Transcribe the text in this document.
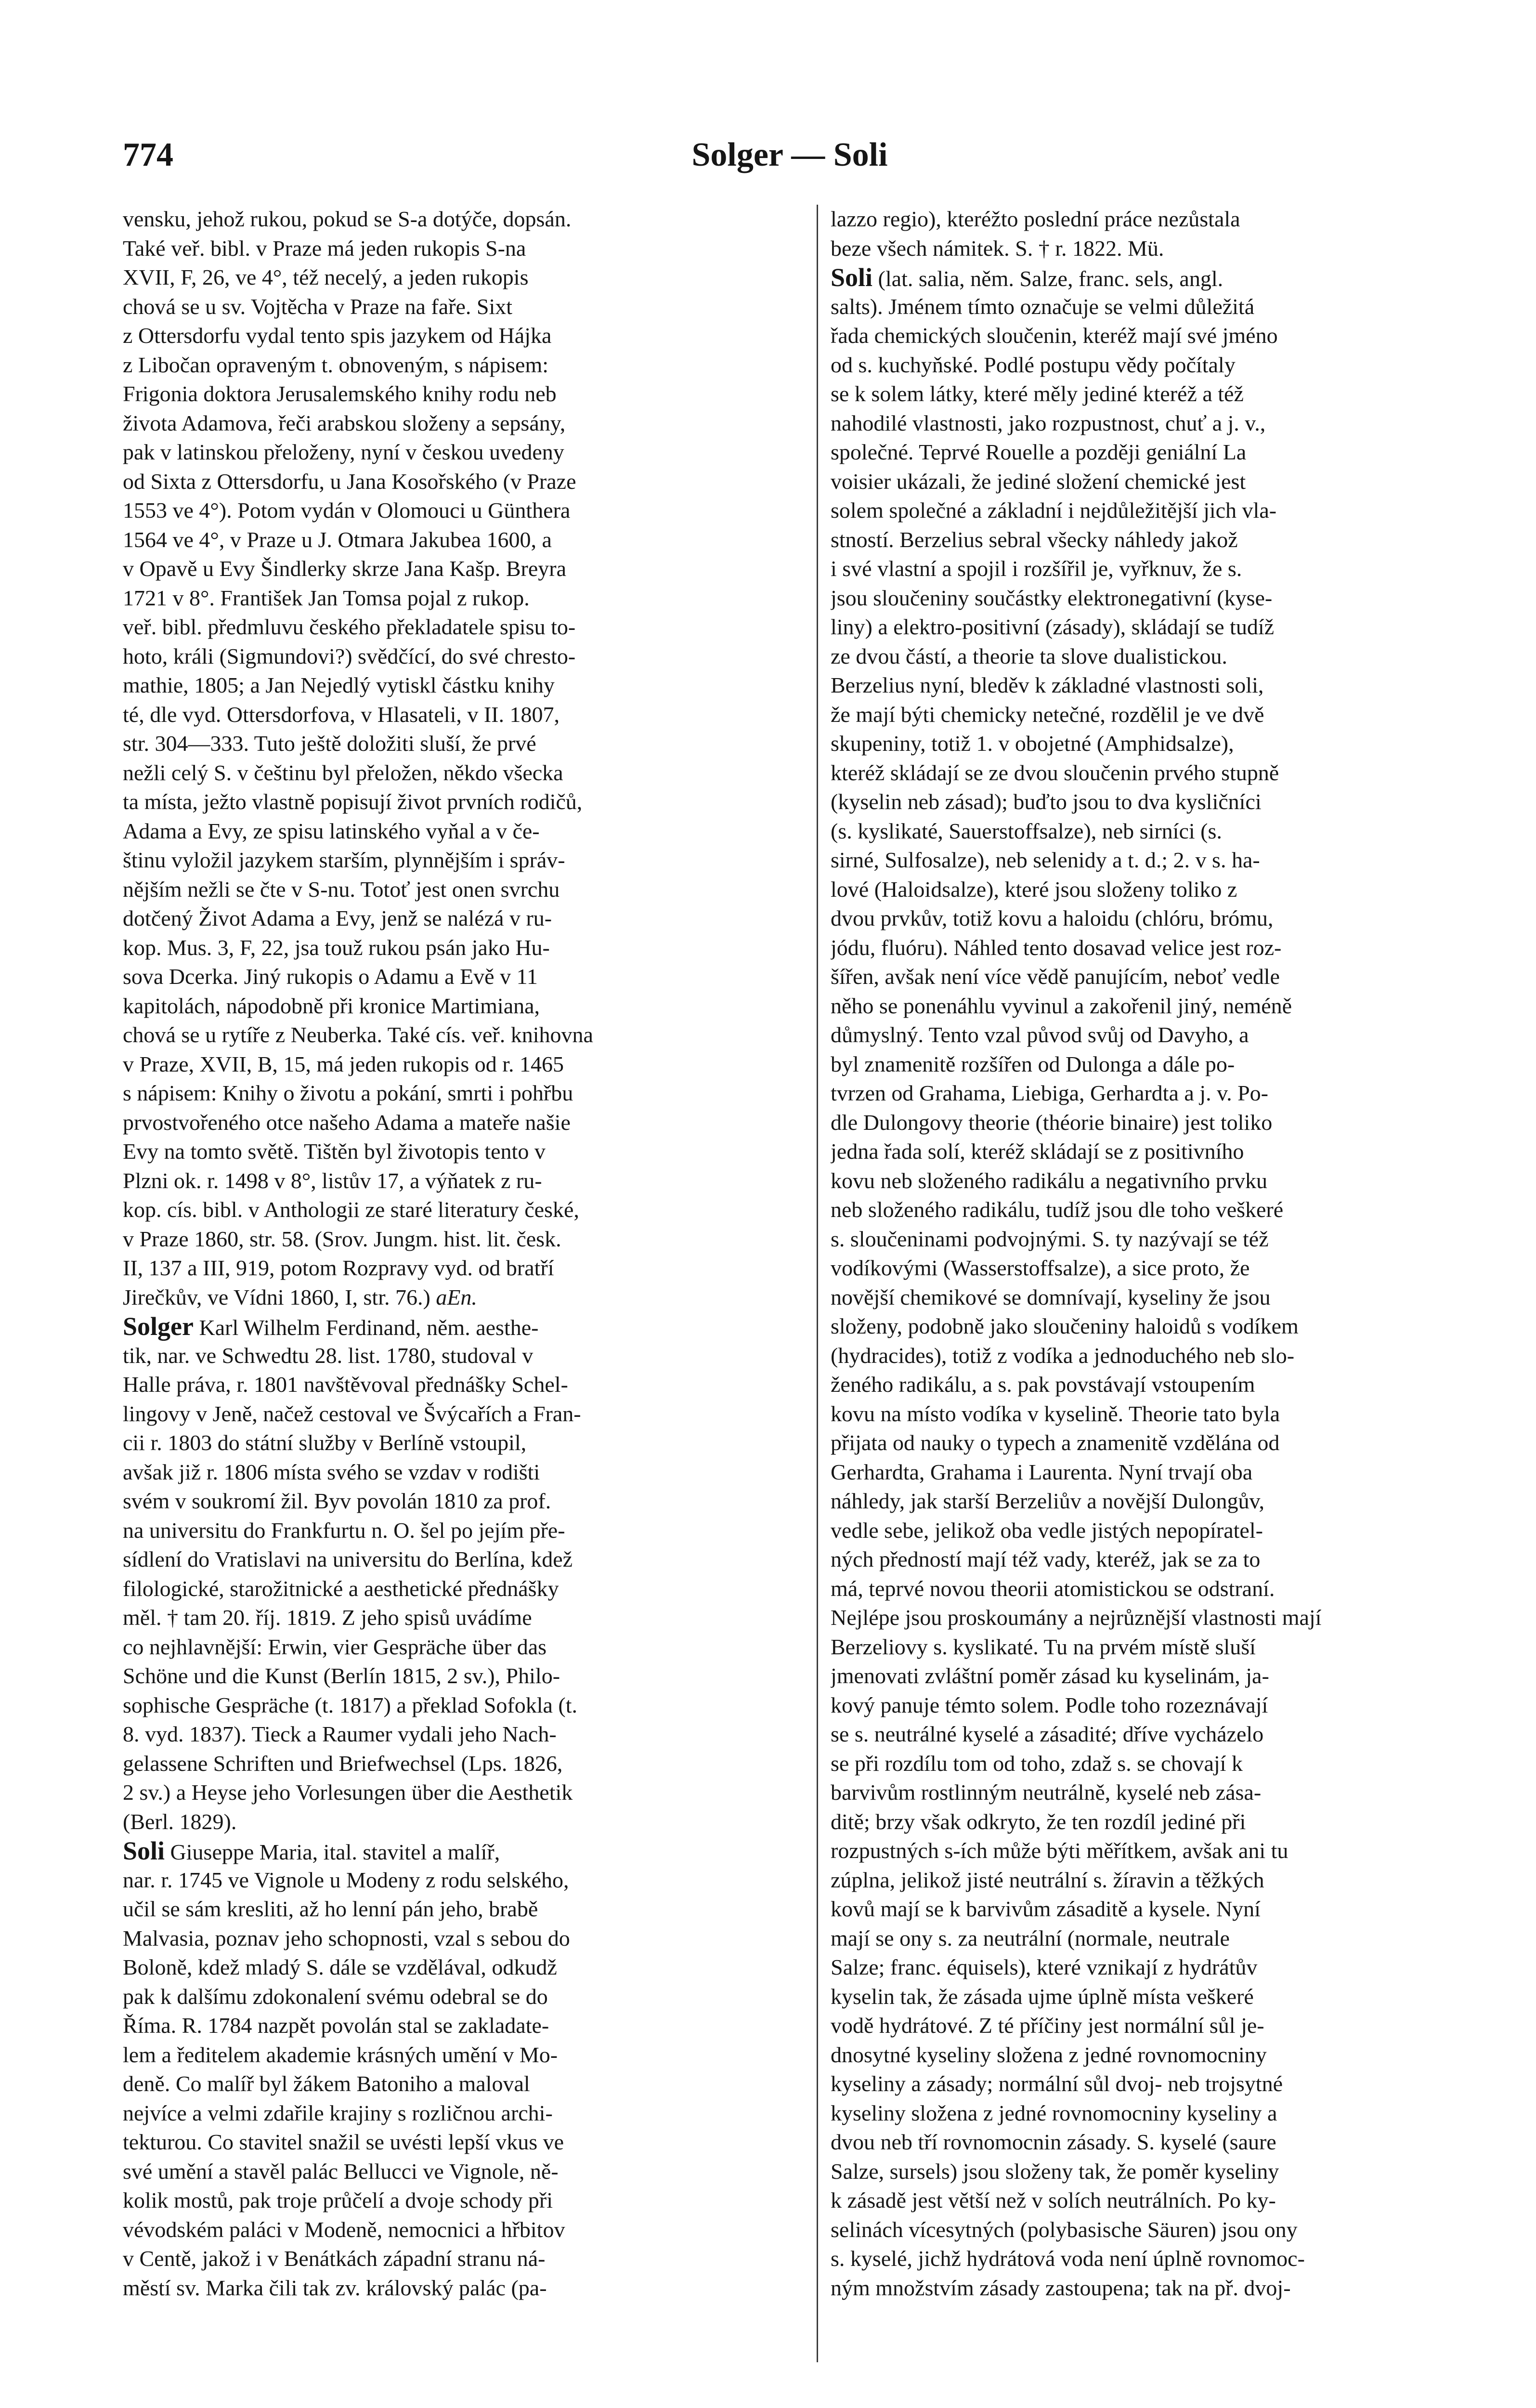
774	Solger — Soli
vensku, jehož rukou, pokud se S-a dotýče, dopsán.
Také veř. bibl. v Praze má jeden rukopis S-na
XVII, F, 26, ve 4°, též necelý, a jeden rukopis
chová se u sv. Vojtěcha v Praze na faře. Sixt
z Ottersdorfu vydal tento spis jazykem od Hájka
z Libočan opraveným t. obnoveným, s nápisem:
Frigonia doktora Jerusalemského knihy rodu neb
života Adamova, řeči arabskou složeny a sepsány,
pak v latinskou přeloženy, nyní v českou uvedeny
od Sixta z Ottersdorfu, u Jana Kosořského (v Praze
1553 ve 4°). Potom vydán v Olomouci u Günthera
1564 ve 4°, v Praze u J. Otmara Jakubea 1600, a
v Opavě u Evy Šindlerky skrze Jana Kašp. Breyra
1721 v 8°. František Jan Tomsa pojal z rukop.
veř. bibl. předmluvu českého překladatele spisu to-
hoto, králi (Sigmundovi?) svědčící, do své chresto-
mathie, 1805; a Jan Nejedlý vytiskl částku knihy
té, dle vyd. Ottersdorfova, v Hlasateli, v II. 1807,
str. 304—333. Tuto ještě doložiti sluší, že prvé
nežli celý S. v češtinu byl přeložen, někdo všecka
ta místa, ježto vlastně popisují život prvních rodičů,
Adama a Evy, ze spisu latinského vyňal a v če-
štinu vyložil jazykem starším, plynnějším i správ-
nějším nežli se čte v S-nu. Totoť jest onen svrchu
dotčený Život Adama a Evy, jenž se nalézá v ru-
kop. Mus. 3, F, 22, jsa touž rukou psán jako Hu-
sova Dcerka. Jiný rukopis o Adamu a Evě v 11
kapitolách, nápodobně při kronice Martimiana,
chová se u rytíře z Neuberka. Také cís. veř. knihovna
v Praze, XVII, B, 15, má jeden rukopis od r. 1465
s nápisem: Knihy o životu a pokání, smrti i pohřbu
prvostvořeného otce našeho Adama a mateře našie
Evy na tomto světě. Tištěn byl životopis tento v
Plzni ok. r. 1498 v 8°, listův 17, a výňatek z ru-
kop. cís. bibl. v Anthologii ze staré literatury české,
v Praze 1860, str. 58. (Srov. Jungm. hist. lit. česk.
II, 137 a III, 919, potom Rozpravy vyd. od bratří
Jirečkův, ve Vídni 1860, I, str. 76.) aEn.
Solger Karl Wilhelm Ferdinand, něm. aesthe-
tik, nar. ve Schwedtu 28. list. 1780, studoval v
Halle práva, r. 1801 navštěvoval přednášky Schel-
lingovy v Jeně, načež cestoval ve Švýcařích a Fran-
cii r. 1803 do státní služby v Berlíně vstoupil,
avšak již r. 1806 místa svého se vzdav v rodišti
svém v soukromí žil. Byv povolán 1810 za prof.
na universitu do Frankfurtu n. O. šel po jejím pře-
sídlení do Vratislavi na universitu do Berlína, kdež
filologické, starožitnické a aesthetické přednášky
měl. † tam 20. říj. 1819. Z jeho spisů uvádíme
co nejhlavnější: Erwin, vier Gespräche über das
Schöne und die Kunst (Berlín 1815, 2 sv.), Philo-
sophische Gespräche (t. 1817) a překlad Sofokla (t.
8. vyd. 1837). Tieck a Raumer vydali jeho Nach-
gelassene Schriften und Briefwechsel (Lps. 1826,
2 sv.) a Heyse jeho Vorlesungen über die Aesthetik
(Berl. 1829).
Soli Giuseppe Maria, ital. stavitel a malíř,
nar. r. 1745 ve Vignole u Modeny z rodu selského,
učil se sám kresliti, až ho lenní pán jeho, brabě
Malvasia, poznav jeho schopnosti, vzal s sebou do
Boloně, kdež mladý S. dále se vzdělával, odkudž
pak k dalšímu zdokonalení svému odebral se do
Říma. R. 1784 nazpět povolán stal se zakladate-
lem a ředitelem akademie krásných umění v Mo-
deně. Co malíř byl žákem Batoniho a maloval
nejvíce a velmi zdařile krajiny s rozličnou archi-
tekturou. Co stavitel snažil se uvésti lepší vkus ve
své umění a stavěl palác Bellucci ve Vignole, ně-
kolik mostů, pak troje průčelí a dvoje schody při
vévodském paláci v Modeně, nemocnici a hřbitov
v Centě, jakož i v Benátkách západní stranu ná-
městí sv. Marka čili tak zv. královský palác (pa-
lazzo regio), kteréžto poslední práce nezůstala
beze všech námitek. S. † r. 1822. Mü.
Soli (lat. salia, něm. Salze, franc. sels, angl.
salts). Jménem tímto označuje se velmi důležitá
řada chemických sloučenin, kteréž mají své jméno
od s. kuchyňské. Podlé postupu vědy počítaly
se k solem látky, které měly jediné kteréž a též
nahodilé vlastnosti, jako rozpustnost, chuť a j. v.,
společné. Teprvé Rouelle a později geniální La
voisier ukázali, že jediné složení chemické jest
solem společné a základní i nejdůležitější jich vla-
stností. Berzelius sebral všecky náhledy jakož
i své vlastní a spojil i rozšířil je, vyřknuv, že s.
jsou sloučeniny součástky elektronegativní (kyse-
liny) a elektro-positivní (zásady), skládají se tudíž
ze dvou částí, a theorie ta slove dualistickou.
Berzelius nyní, bleděv k základné vlastnosti soli,
že mají býti chemicky netečné, rozdělil je ve dvě
skupeniny, totiž 1. v obojetné (Amphidsalze),
kteréž skládají se ze dvou sloučenin prvého stupně
(kyselin neb zásad); buďto jsou to dva kysličníci
(s. kyslikaté, Sauerstoffsalze), neb sirníci (s.
sirné, Sulfosalze), neb selenidy a t. d.; 2. v s. ha-
lové (Haloidsalze), které jsou složeny toliko z
dvou prvkův, totiž kovu a haloidu (chlóru, brómu,
jódu, fluóru). Náhled tento dosavad velice jest roz-
šířen, avšak není více vědě panujícím, neboť vedle
něho se ponenáhlu vyvinul a zakořenil jiný, neméně
důmyslný. Tento vzal původ svůj od Davyho, a
byl znamenitě rozšířen od Dulonga a dále po-
tvrzen od Grahama, Liebiga, Gerhardta a j. v. Po-
dle Dulongovy theorie (théorie binaire) jest toliko
jedna řada solí, kteréž skládají se z positivního
kovu neb složeného radikálu a negativního prvku
neb složeného radikálu, tudíž jsou dle toho veškeré
s. sloučeninami podvojnými. S. ty nazývají se též
vodíkovými (Wasserstoffsalze), a sice proto, že
novější chemikové se domnívají, kyseliny že jsou
složeny, podobně jako sloučeniny haloidů s vodíkem
(hydracides), totiž z vodíka a jednoduchého neb slo-
ženého radikálu, a s. pak povstávají vstoupením
kovu na místo vodíka v kyselině. Theorie tato byla
přijata od nauky o typech a znamenitě vzdělána od
Gerhardta, Grahama i Laurenta. Nyní trvají oba
náhledy, jak starší Berzeliův a novější Dulongův,
vedle sebe, jelikož oba vedle jistých nepopíratel-
ných předností mají též vady, kteréž, jak se za to
má, teprvé novou theorii atomistickou se odstraní.
Nejlépe jsou proskoumány a nejrůznější vlastnosti mají
Berzeliovy s. kyslikaté. Tu na prvém místě sluší
jmenovati zvláštní poměr zásad ku kyselinám, ja-
kový panuje témto solem. Podle toho rozeznávají
se s. neutrálné kyselé a zásadité; dříve vycházelo
se při rozdílu tom od toho, zdaž s. se chovají k
barvivům rostlinným neutrálně, kyselé neb zása-
ditě; brzy však odkryto, že ten rozdíl jediné při
rozpustných s-ích může býti měřítkem, avšak ani tu
zúplna, jelikož jisté neutrální s. žíravin a těžkých
kovů mají se k barvivům zásaditě a kysele. Nyní
mají se ony s. za neutrální (normale, neutrale
Salze; franc. équisels), které vznikají z hydrátův
kyselin tak, že zásada ujme úplně místa veškeré
vodě hydrátové. Z té příčiny jest normální sůl je-
dnosytné kyseliny složena z jedné rovnomocniny
kyseliny a zásady; normální sůl dvoj- neb trojsytné
kyseliny složena z jedné rovnomocniny kyseliny a
dvou neb tří rovnomocnin zásady. S. kyselé (saure
Salze, sursels) jsou složeny tak, že poměr kyseliny
k zásadě jest větší než v solích neutrálních. Po ky-
selinách vícesytných (polybasische Säuren) jsou ony
s. kyselé, jichž hydrátová voda není úplně rovnomoc-
ným množstvím zásady zastoupena; tak na př. dvoj-
